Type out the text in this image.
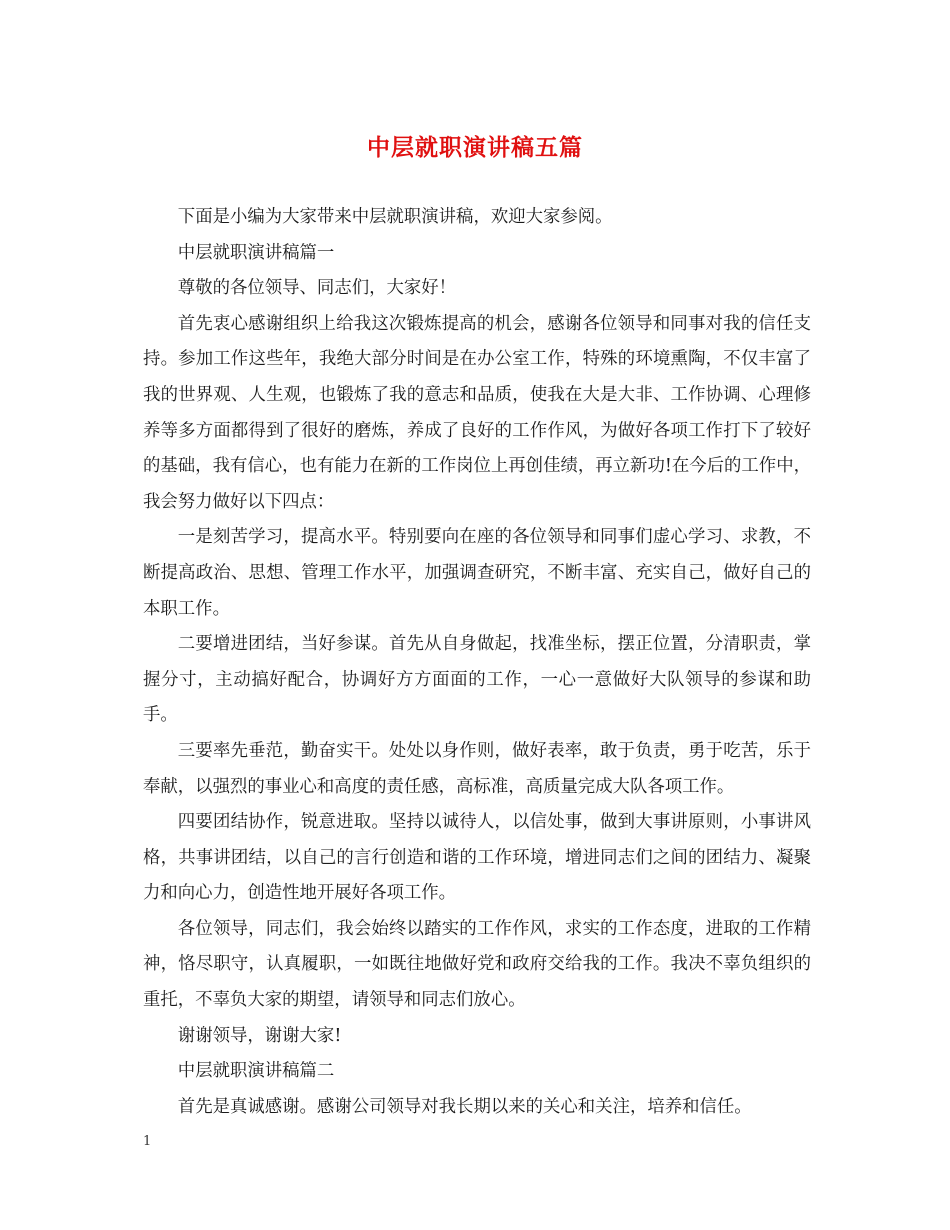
中层就职演讲稿五篇

下面是小编为大家带来中层就职演讲稿，欢迎大家参阅。

中层就职演讲稿篇一

尊敬的各位领导、同志们，大家好！

首先衷心感谢组织上给我这次锻炼提高的机会，感谢各位领导和同事对我的信任支持。参加工作这些年，我绝大部分时间是在办公室工作，特殊的环境熏陶，不仅丰富了我的世界观、人生观，也锻炼了我的意志和品质，使我在大是大非、工作协调、心理修养等多方面都得到了很好的磨炼，养成了良好的工作作风，为做好各项工作打下了较好的基础，我有信心，也有能力在新的工作岗位上再创佳绩，再立新功!在今后的工作中，我会努力做好以下四点：

一是刻苦学习，提高水平。特别要向在座的各位领导和同事们虚心学习、求教，不断提高政治、思想、管理工作水平，加强调查研究，不断丰富、充实自己，做好自己的本职工作。

二要增进团结，当好参谋。首先从自身做起，找准坐标，摆正位置，分清职责，掌握分寸，主动搞好配合，协调好方方面面的工作，一心一意做好大队领导的参谋和助手。

三要率先垂范，勤奋实干。处处以身作则，做好表率，敢于负责，勇于吃苦，乐于奉献，以强烈的事业心和高度的责任感，高标准，高质量完成大队各项工作。

四要团结协作，锐意进取。坚持以诚待人，以信处事，做到大事讲原则，小事讲风格，共事讲团结，以自己的言行创造和谐的工作环境，增进同志们之间的团结力、凝聚力和向心力，创造性地开展好各项工作。

各位领导，同志们，我会始终以踏实的工作作风，求实的工作态度，进取的工作精神，恪尽职守，认真履职，一如既往地做好党和政府交给我的工作。我决不辜负组织的重托，不辜负大家的期望，请领导和同志们放心。

谢谢领导，谢谢大家!

中层就职演讲稿篇二

首先是真诚感谢。感谢公司领导对我长期以来的关心和关注，培养和信任。

1
